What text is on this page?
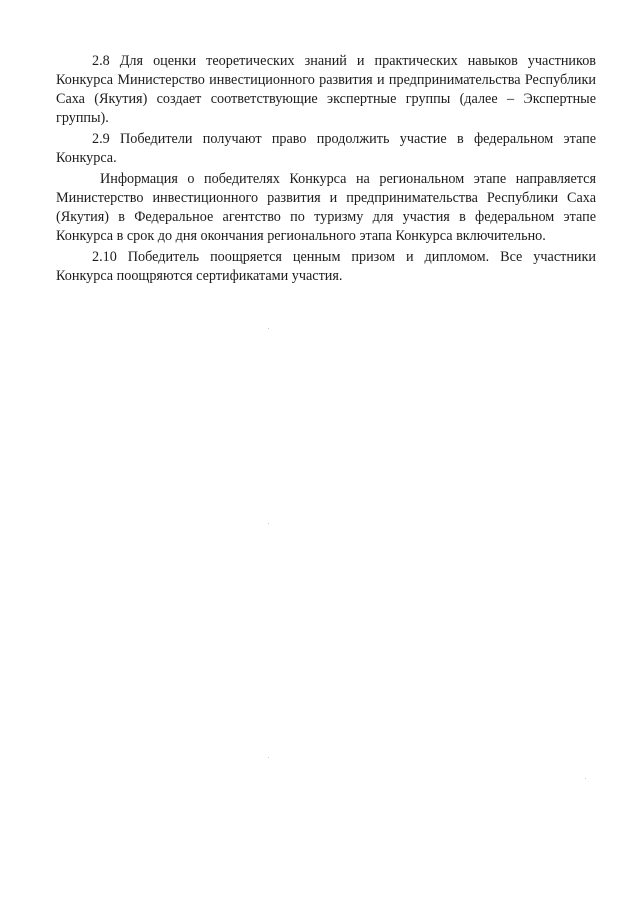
2.8 Для оценки теоретических знаний и практических навыков участников Конкурса Министерство инвестиционного развития и предпринимательства Республики Саха (Якутия) создает соответствующие экспертные группы (далее – Экспертные группы).

2.9 Победители получают право продолжить участие в федеральном этапе Конкурса.

Информация о победителях Конкурса на региональном этапе направляется Министерство инвестиционного развития и предпринимательства Республики Саха (Якутия) в Федеральное агентство по туризму для участия в федеральном этапе Конкурса в срок до дня окончания регионального этапа Конкурса включительно.

2.10 Победитель поощряется ценным призом и дипломом. Все участники Конкурса поощряются сертификатами участия.
